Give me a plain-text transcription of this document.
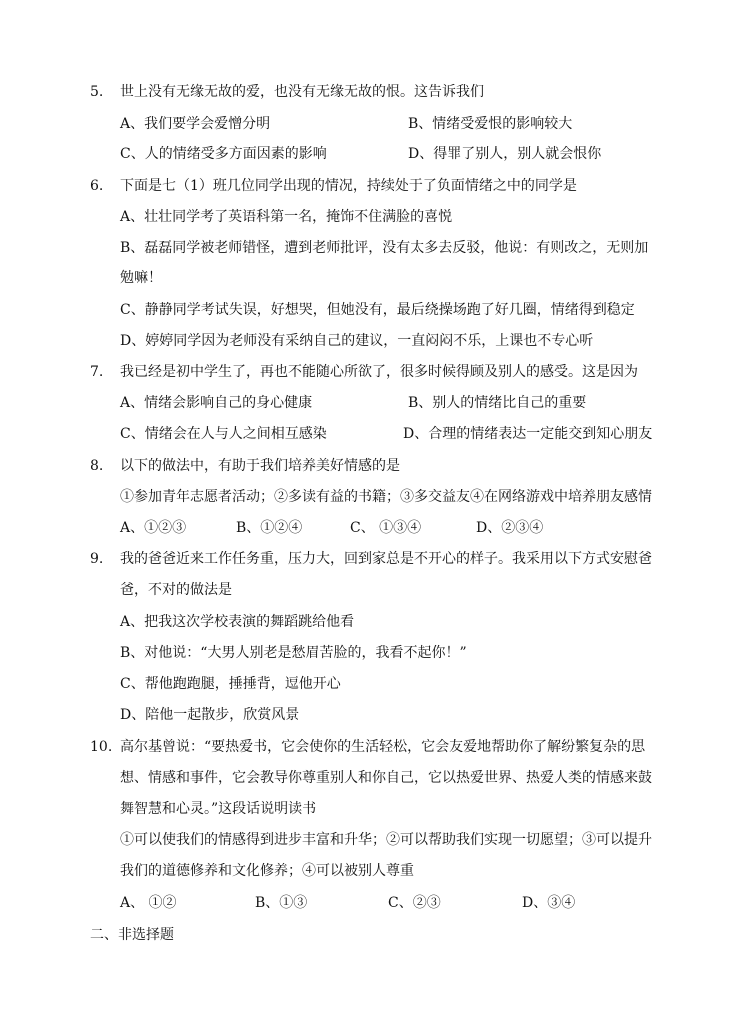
5.	世上没有无缘无故的爱，也没有无缘无故的恨。这告诉我们
A、我们要学会爱憎分明	B、情绪受爱恨的影响较大
C、人的情绪受多方面因素的影响	D、得罪了别人，别人就会恨你
6.	下面是七（1）班几位同学出现的情况，持续处于了负面情绪之中的同学是
A、壮壮同学考了英语科第一名，掩饰不住满脸的喜悦
B、磊磊同学被老师错怪，遭到老师批评，没有太多去反驳，他说：有则改之，无则加
勉嘛！
C、静静同学考试失误，好想哭，但她没有，最后绕操场跑了好几圈，情绪得到稳定
D、婷婷同学因为老师没有采纳自己的建议，一直闷闷不乐，上课也不专心听
7.	我已经是初中学生了，再也不能随心所欲了，很多时候得顾及别人的感受。这是因为
A、情绪会影响自己的身心健康	B、别人的情绪比自己的重要
C、情绪会在人与人之间相互感染	D、合理的情绪表达一定能交到知心朋友
8.	以下的做法中，有助于我们培养美好情感的是
①参加青年志愿者活动；②多读有益的书籍；③多交益友④在网络游戏中培养朋友感情
A、①②③	B、①②④	C、 ①③④	D、②③④
9.	我的爸爸近来工作任务重，压力大，回到家总是不开心的样子。我采用以下方式安慰爸
爸，不对的做法是
A、把我这次学校表演的舞蹈跳给他看
B、对他说：“大男人别老是愁眉苦脸的，我看不起你！”
C、帮他跑跑腿，捶捶背，逗他开心
D、陪他一起散步，欣赏风景
10. 高尔基曾说：“要热爱书，它会使你的生活轻松，它会友爱地帮助你了解纷繁复杂的思
想、情感和事件，它会教导你尊重别人和你自己，它以热爱世界、热爱人类的情感来鼓
舞智慧和心灵。”这段话说明读书
①可以使我们的情感得到进步丰富和升华；②可以帮助我们实现一切愿望；③可以提升
我们的道德修养和文化修养；④可以被别人尊重
A、 ①②	B、①③	C、②③	D、③④
二、非选择题
